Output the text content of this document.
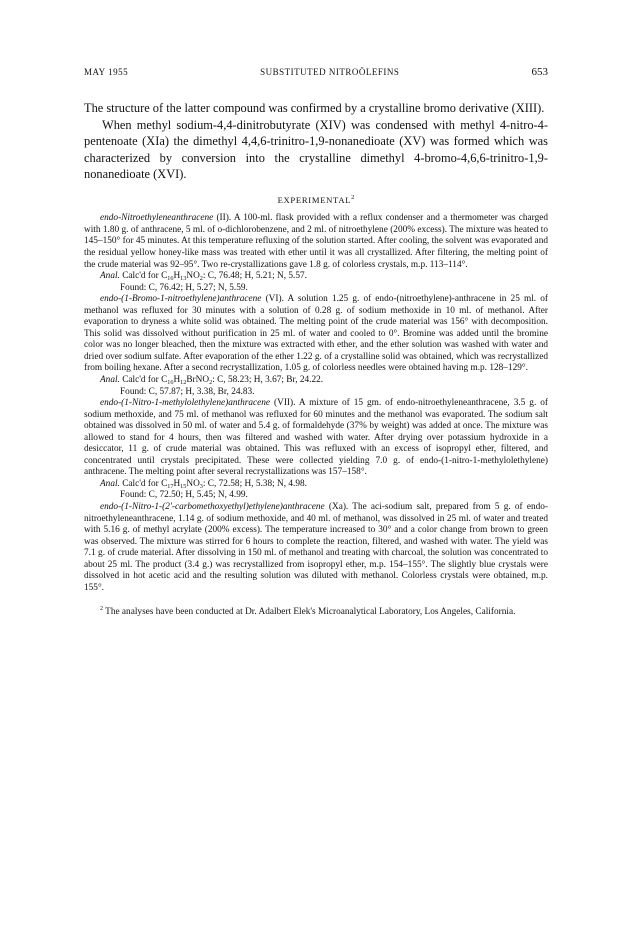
MAY 1955	SUBSTITUTED NITROÖLEFINS	653

The structure of the latter compound was confirmed by a crystalline bromo derivative (XIII).

When methyl sodium-4,4-dinitrobutyrate (XIV) was condensed with methyl 4-nitro-4-pentenoate (XIa) the dimethyl 4,4,6-trinitro-1,9-nonanedioate (XV) was formed which was characterized by conversion into the crystalline dimethyl 4-bromo-4,6,6-trinitro-1,9-nonanedioate (XVI).

EXPERIMENTAL$^2$

endo-Nitroethyleneanthracene (II). A 100-ml. flask provided with a reflux condenser and a thermometer was charged with 1.80 g. of anthracene, 5 ml. of o-dichlorobenzene, and 2 ml. of nitroethylene (200% excess). The mixture was heated to 145–150° for 45 minutes. At this temperature refluxing of the solution started. After cooling, the solvent was evaporated and the residual yellow honey-like mass was treated with ether until it was all crystallized. After filtering, the melting point of the crude material was 92–95°. Two re-crystallizations gave 1.8 g. of colorless crystals, m.p. 113–114°.

Anal. Calc'd for $C_{16}H_{13}NO_2$: C, 76.48; H, 5.21; N, 5.57.

Found: C, 76.42; H, 5.27; N, 5.59.

endo-(1-Bromo-1-nitroethylene)anthracene (VI). A solution 1.25 g. of endo-(nitroethylene)-anthracene in 25 ml. of methanol was refluxed for 30 minutes with a solution of 0.28 g. of sodium methoxide in 10 ml. of methanol. After evaporation to dryness a white solid was obtained. The melting point of the crude material was 156° with decomposition. This solid was dissolved without purification in 25 ml. of water and cooled to 0°. Bromine was added until the bromine color was no longer bleached, then the mixture was extracted with ether, and the ether solution was washed with water and dried over sodium sulfate. After evaporation of the ether 1.22 g. of a crystalline solid was obtained, which was recrystallized from boiling hexane. After a second recrystallization, 1.05 g. of colorless needles were obtained having m.p. 128–129°.

Anal. Calc'd for $C_{16}H_{12}BrNO_2$: C, 58.23; H, 3.67; Br, 24.22.

Found: C, 57.87; H, 3.38, Br, 24.83.

endo-(1-Nitro-1-methylolethylene)anthracene (VII). A mixture of 15 gm. of endo-nitroethyleneanthracene, 3.5 g. of sodium methoxide, and 75 ml. of methanol was refluxed for 60 minutes and the methanol was evaporated. The sodium salt obtained was dissolved in 50 ml. of water and 5.4 g. of formaldehyde (37% by weight) was added at once. The mixture was allowed to stand for 4 hours, then was filtered and washed with water. After drying over potassium hydroxide in a desiccator, 11 g. of crude material was obtained. This was refluxed with an excess of isopropyl ether, filtered, and concentrated until crystals precipitated. These were collected yielding 7.0 g. of endo-(1-nitro-1-methylolethylene) anthracene. The melting point after several recrystallizations was 157–158°.

Anal. Calc'd for $C_{17}H_{15}NO_3$: C, 72.58; H, 5.38; N, 4.98.

Found: C, 72.50; H, 5.45; N, 4.99.

endo-(1-Nitro-1-(2'-carbomethoxyethyl)ethylene)anthracene (Xa). The aci-sodium salt, prepared from 5 g. of endo-nitroethyleneanthracene, 1.14 g. of sodium methoxide, and 40 ml. of methanol, was dissolved in 25 ml. of water and treated with 5.16 g. of methyl acrylate (200% excess). The temperature increased to 30° and a color change from brown to green was observed. The mixture was stirred for 6 hours to complete the reaction, filtered, and washed with water. The yield was 7.1 g. of crude material. After dissolving in 150 ml. of methanol and treating with charcoal, the solution was concentrated to about 25 ml. The product (3.4 g.) was recrystallized from isopropyl ether, m.p. 154–155°. The slightly blue crystals were dissolved in hot acetic acid and the resulting solution was diluted with methanol. Colorless crystals were obtained, m.p. 155°.

$^2$ The analyses have been conducted at Dr. Adalbert Elek's Microanalytical Laboratory, Los Angeles, California.
